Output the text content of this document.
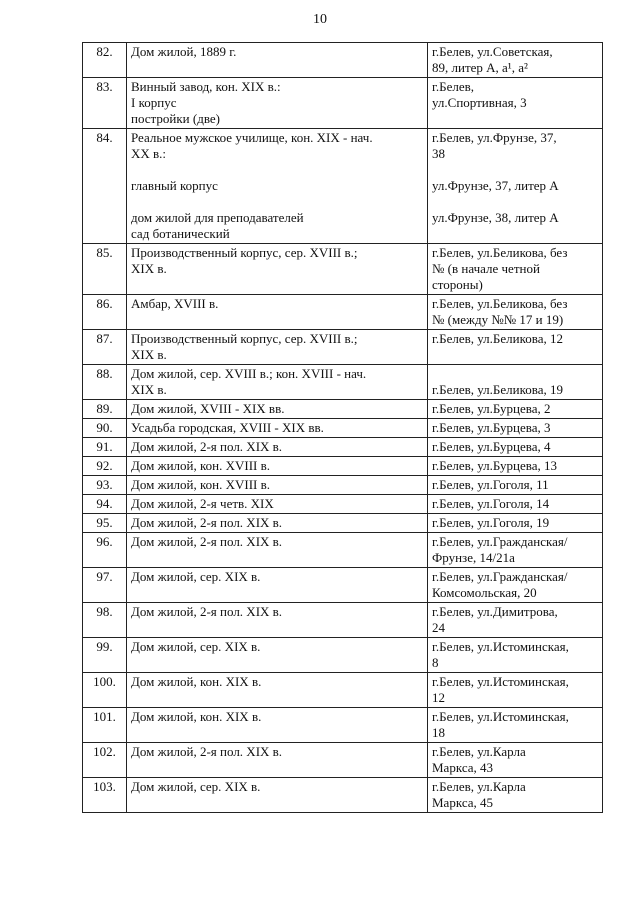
10
82.	Дом жилой, 1889 г.	г.Белев, ул.Советская,
89, литер А, а¹, а²

83.	Винный завод, кон. XIX в.:
I корпус
постройки (две)	г.Белев,
ул.Спортивная, 3

84.	Реальное мужское училище, кон. XIX - нач.
XX в.:
главный корпус
дом жилой для преподавателей
сад ботанический	г.Белев, ул.Фрунзе, 37,
38
ул.Фрунзе, 37, литер А
ул.Фрунзе, 38, литер А

85.	Производственный корпус, сер. XVIII в.;
XIX в.	г.Белев, ул.Беликова, без
№ (в начале четной
стороны)

86.	Амбар, XVIII в.	г.Белев, ул.Беликова, без
№ (между №№ 17 и 19)

87.	Производственный корпус, сер. XVIII в.;
XIX в.	г.Белев, ул.Беликова, 12

88.	Дом жилой, сер. XVIII в.; кон. XVIII - нач.
XIX в.	г.Белев, ул.Беликова, 19

89.	Дом жилой, XVIII - XIX вв.	г.Белев, ул.Бурцева, 2

90.	Усадьба городская, XVIII - XIX вв.	г.Белев, ул.Бурцева, 3

91.	Дом жилой, 2-я пол. XIX в.	г.Белев, ул.Бурцева, 4

92.	Дом жилой, кон. XVIII в.	г.Белев, ул.Бурцева, 13

93.	Дом жилой, кон. XVIII в.	г.Белев, ул.Гоголя, 11

94.	Дом жилой, 2-я четв. XIX	г.Белев, ул.Гоголя, 14

95.	Дом жилой, 2-я пол. XIX в.	г.Белев, ул.Гоголя, 19

96.	Дом жилой, 2-я пол. XIX в.	г.Белев, ул.Гражданская/
Фрунзе, 14/21а

97.	Дом жилой, сер. XIX в.	г.Белев, ул.Гражданская/
Комсомольская, 20

98.	Дом жилой, 2-я пол. XIX в.	г.Белев, ул.Димитрова,
24

99.	Дом жилой, сер. XIX в.	г.Белев, ул.Истоминская,
8

100.	Дом жилой, кон. XIX в.	г.Белев, ул.Истоминская,
12

101.	Дом жилой, кон. XIX в.	г.Белев, ул.Истоминская,
18

102.	Дом жилой, 2-я пол. XIX в.	г.Белев, ул.Карла
Маркса, 43

103.	Дом жилой, сер. XIX в.	г.Белев, ул.Карла
Маркса, 45
